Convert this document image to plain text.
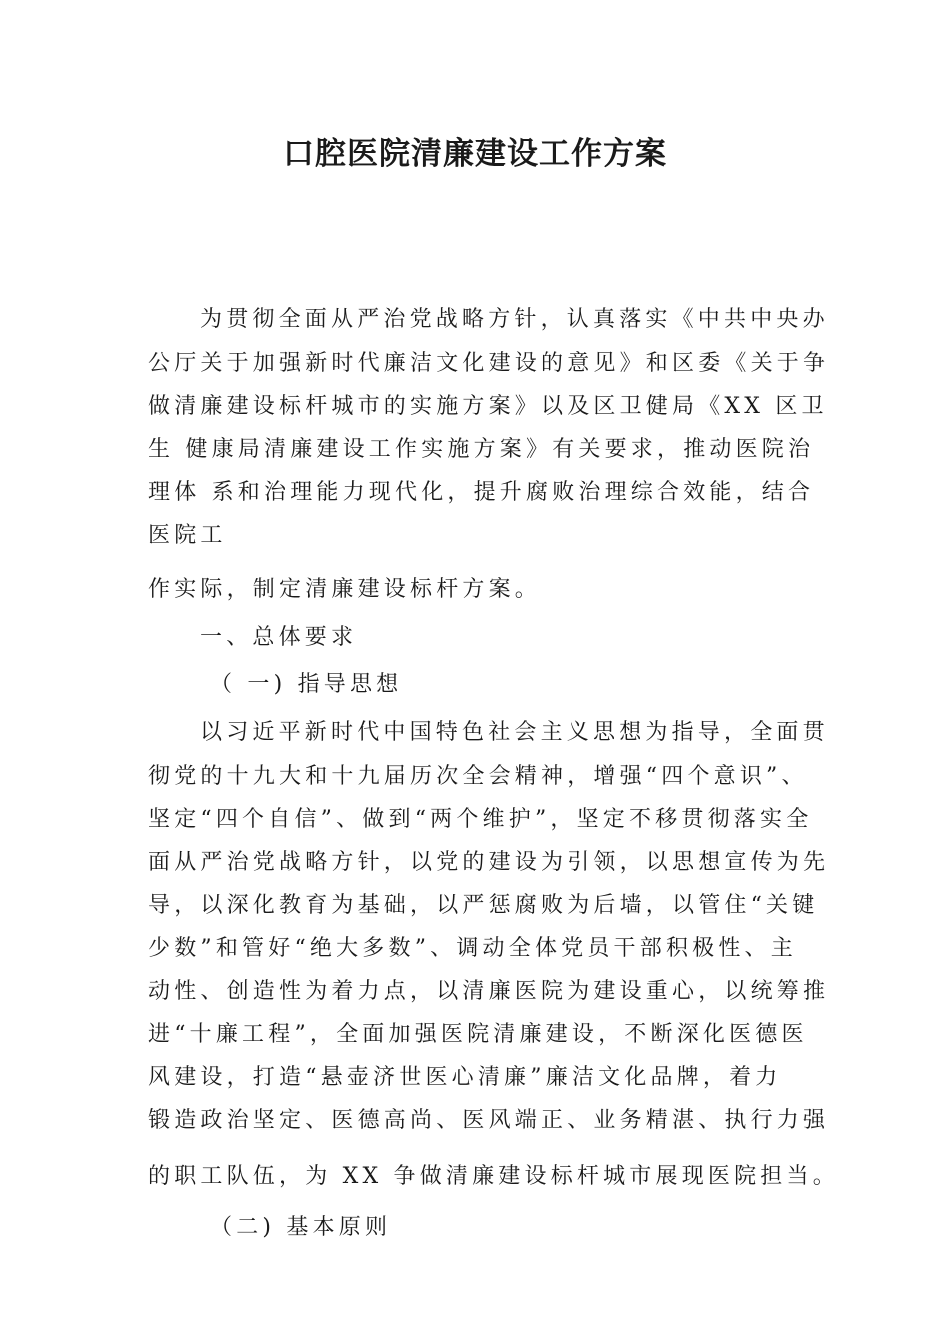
口腔医院清廉建设工作方案

为贯彻全面从严治党战略方针，认真落实《中共中央办

公厅关于加强新时代廉洁文化建设的意见》和区委《关于争

做清廉建设标杆城市的实施方案》以及区卫健局《XX 区卫

生 健康局清廉建设工作实施方案》有关要求，推动医院治

理体 系和治理能力现代化，提升腐败治理综合效能，结合

医院工

作实际，制定清廉建设标杆方案。

一、总体要求

（ 一) 指导思想

以习近平新时代中国特色社会主义思想为指导，全面贯

彻党的十九大和十九届历次全会精神，增强“四个意识”、

坚定“四个自信”、做到“两个维护”，坚定不移贯彻落实全

面从严治党战略方针，以党的建设为引领，以思想宣传为先

导，以深化教育为基础，以严惩腐败为后墙，以管住“关键

少数”和管好“绝大多数”、调动全体党员干部积极性、主

动性、创造性为着力点，以清廉医院为建设重心，以统筹推

进“十廉工程”，全面加强医院清廉建设，不断深化医德医

风建设，打造“悬壶济世医心清廉”廉洁文化品牌，着力

锻造政治坚定、医德高尚、医风端正、业务精湛、执行力强

的职工队伍，为 XX 争做清廉建设标杆城市展现医院担当。

（二) 基本原则
